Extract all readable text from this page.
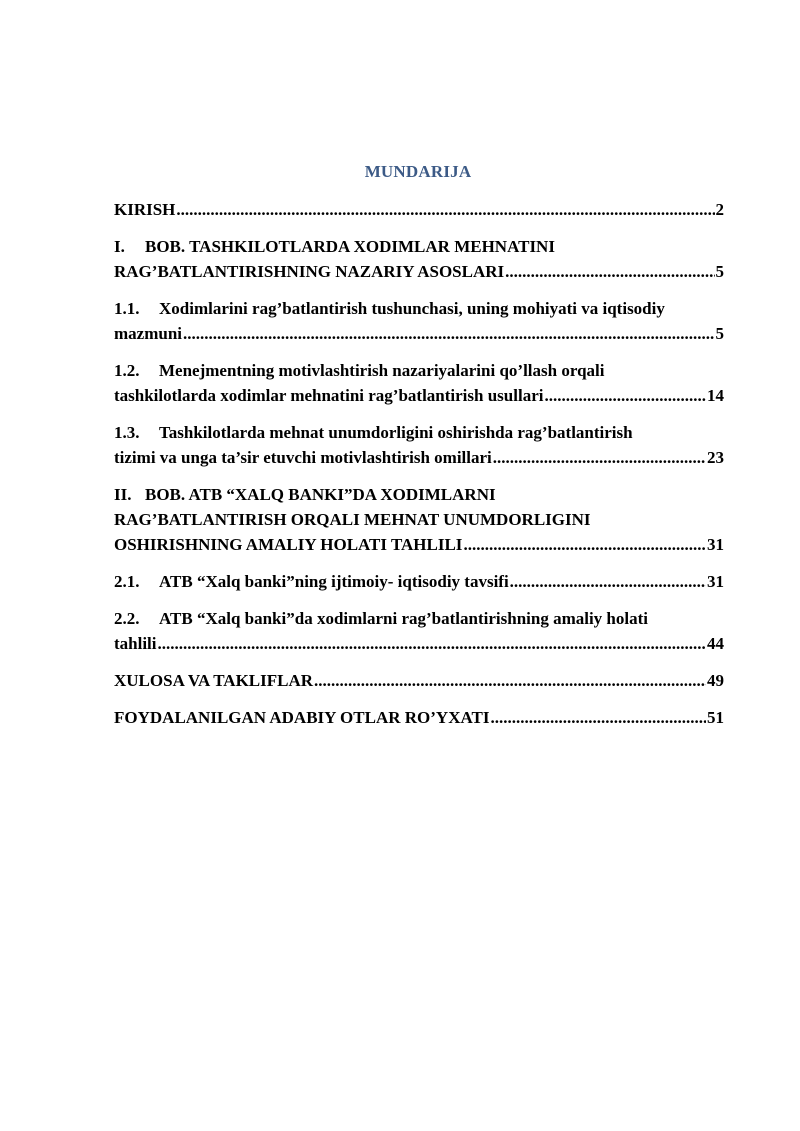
MUNDARIJA
KIRISH .....	2
I.	BOB. TASHKILOTLARDA XODIMLAR MEHNATINI
RAG’BATLANTIRISHNING NAZARIY ASOSLARI .....	5
1.1.	Xodimlarini rag’batlantirish tushunchasi, uning mohiyati va iqtisodiy
mazmuni .....	5
1.2.	Menejmentning motivlashtirish nazariyalarini qo’llash orqali
tashkilotlarda xodimlar mehnatini rag’batlantirish usullari .....	14
1.3.	Tashkilotlarda mehnat unumdorligini oshirishda rag’batlantirish
tizimi va unga ta’sir etuvchi motivlashtirish omillari .....	23
II. BOB. ATB “XALQ BANKI”DA XODIMLARNI
RAG’BATLANTIRISH ORQALI MEHNAT UNUMDORLIGINI
OSHIRISHNING AMALIY HOLATI TAHLILI .....	31
2.1.	ATB “Xalq banki”ning ijtimoiy- iqtisodiy tavsifi .....	31
2.2.	ATB “Xalq banki”da xodimlarni rag’batlantirishning amaliy holati
tahlili .....	44
XULOSA VA TAKLIFLAR .....	49
FOYDALANILGAN ADABIY OTLAR RO’YXATI .....	51
